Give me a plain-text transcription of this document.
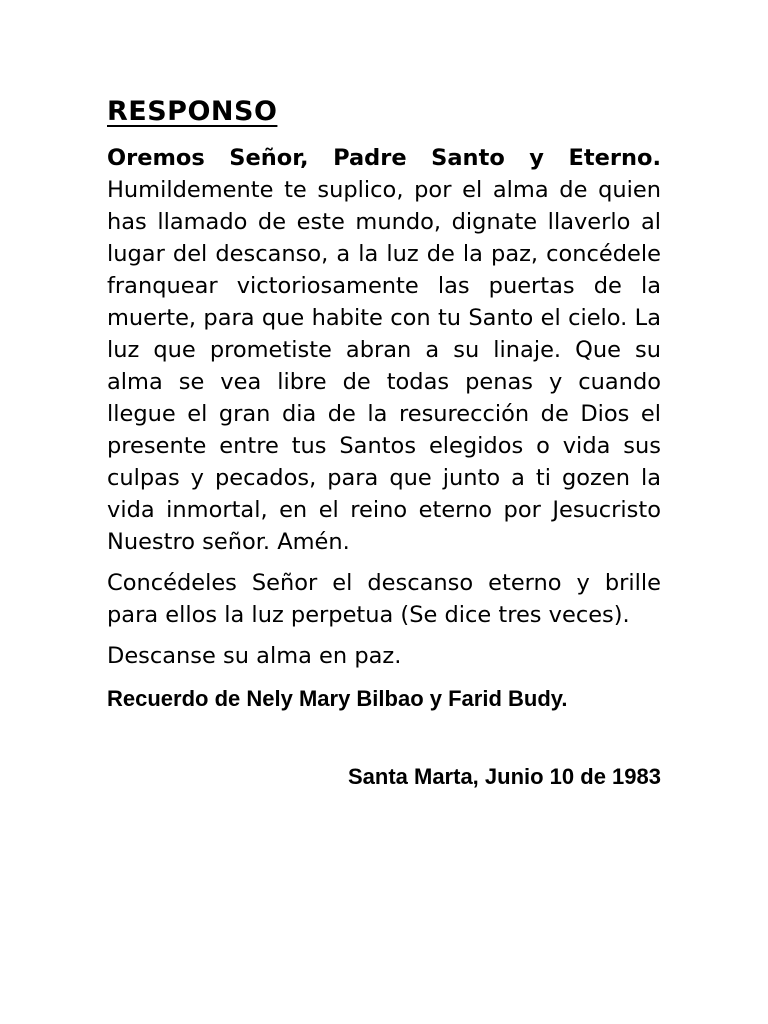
RESPONSO

Oremos Señor, Padre Santo y Eterno. Humildemente te suplico, por el alma de quien has llamado de este mundo, dignate llaverlo al lugar del descanso, a la luz de la paz, concédele franquear victoriosamente las puertas de la muerte, para que habite con tu Santo el cielo. La luz que prometiste abran a su linaje. Que su alma se vea libre de todas penas y cuando llegue el gran dia de la resurección de Dios el presente entre tus Santos elegidos o vida sus culpas y pecados, para que junto a ti gozen la vida inmortal, en el reino eterno por Jesucristo Nuestro señor. Amén.

Concédeles Señor el descanso eterno y brille para ellos la luz perpetua (Se dice tres veces).

Descanse su alma en paz.

Recuerdo de Nely Mary Bilbao y Farid Budy.
Santa Marta, Junio 10 de 1983
